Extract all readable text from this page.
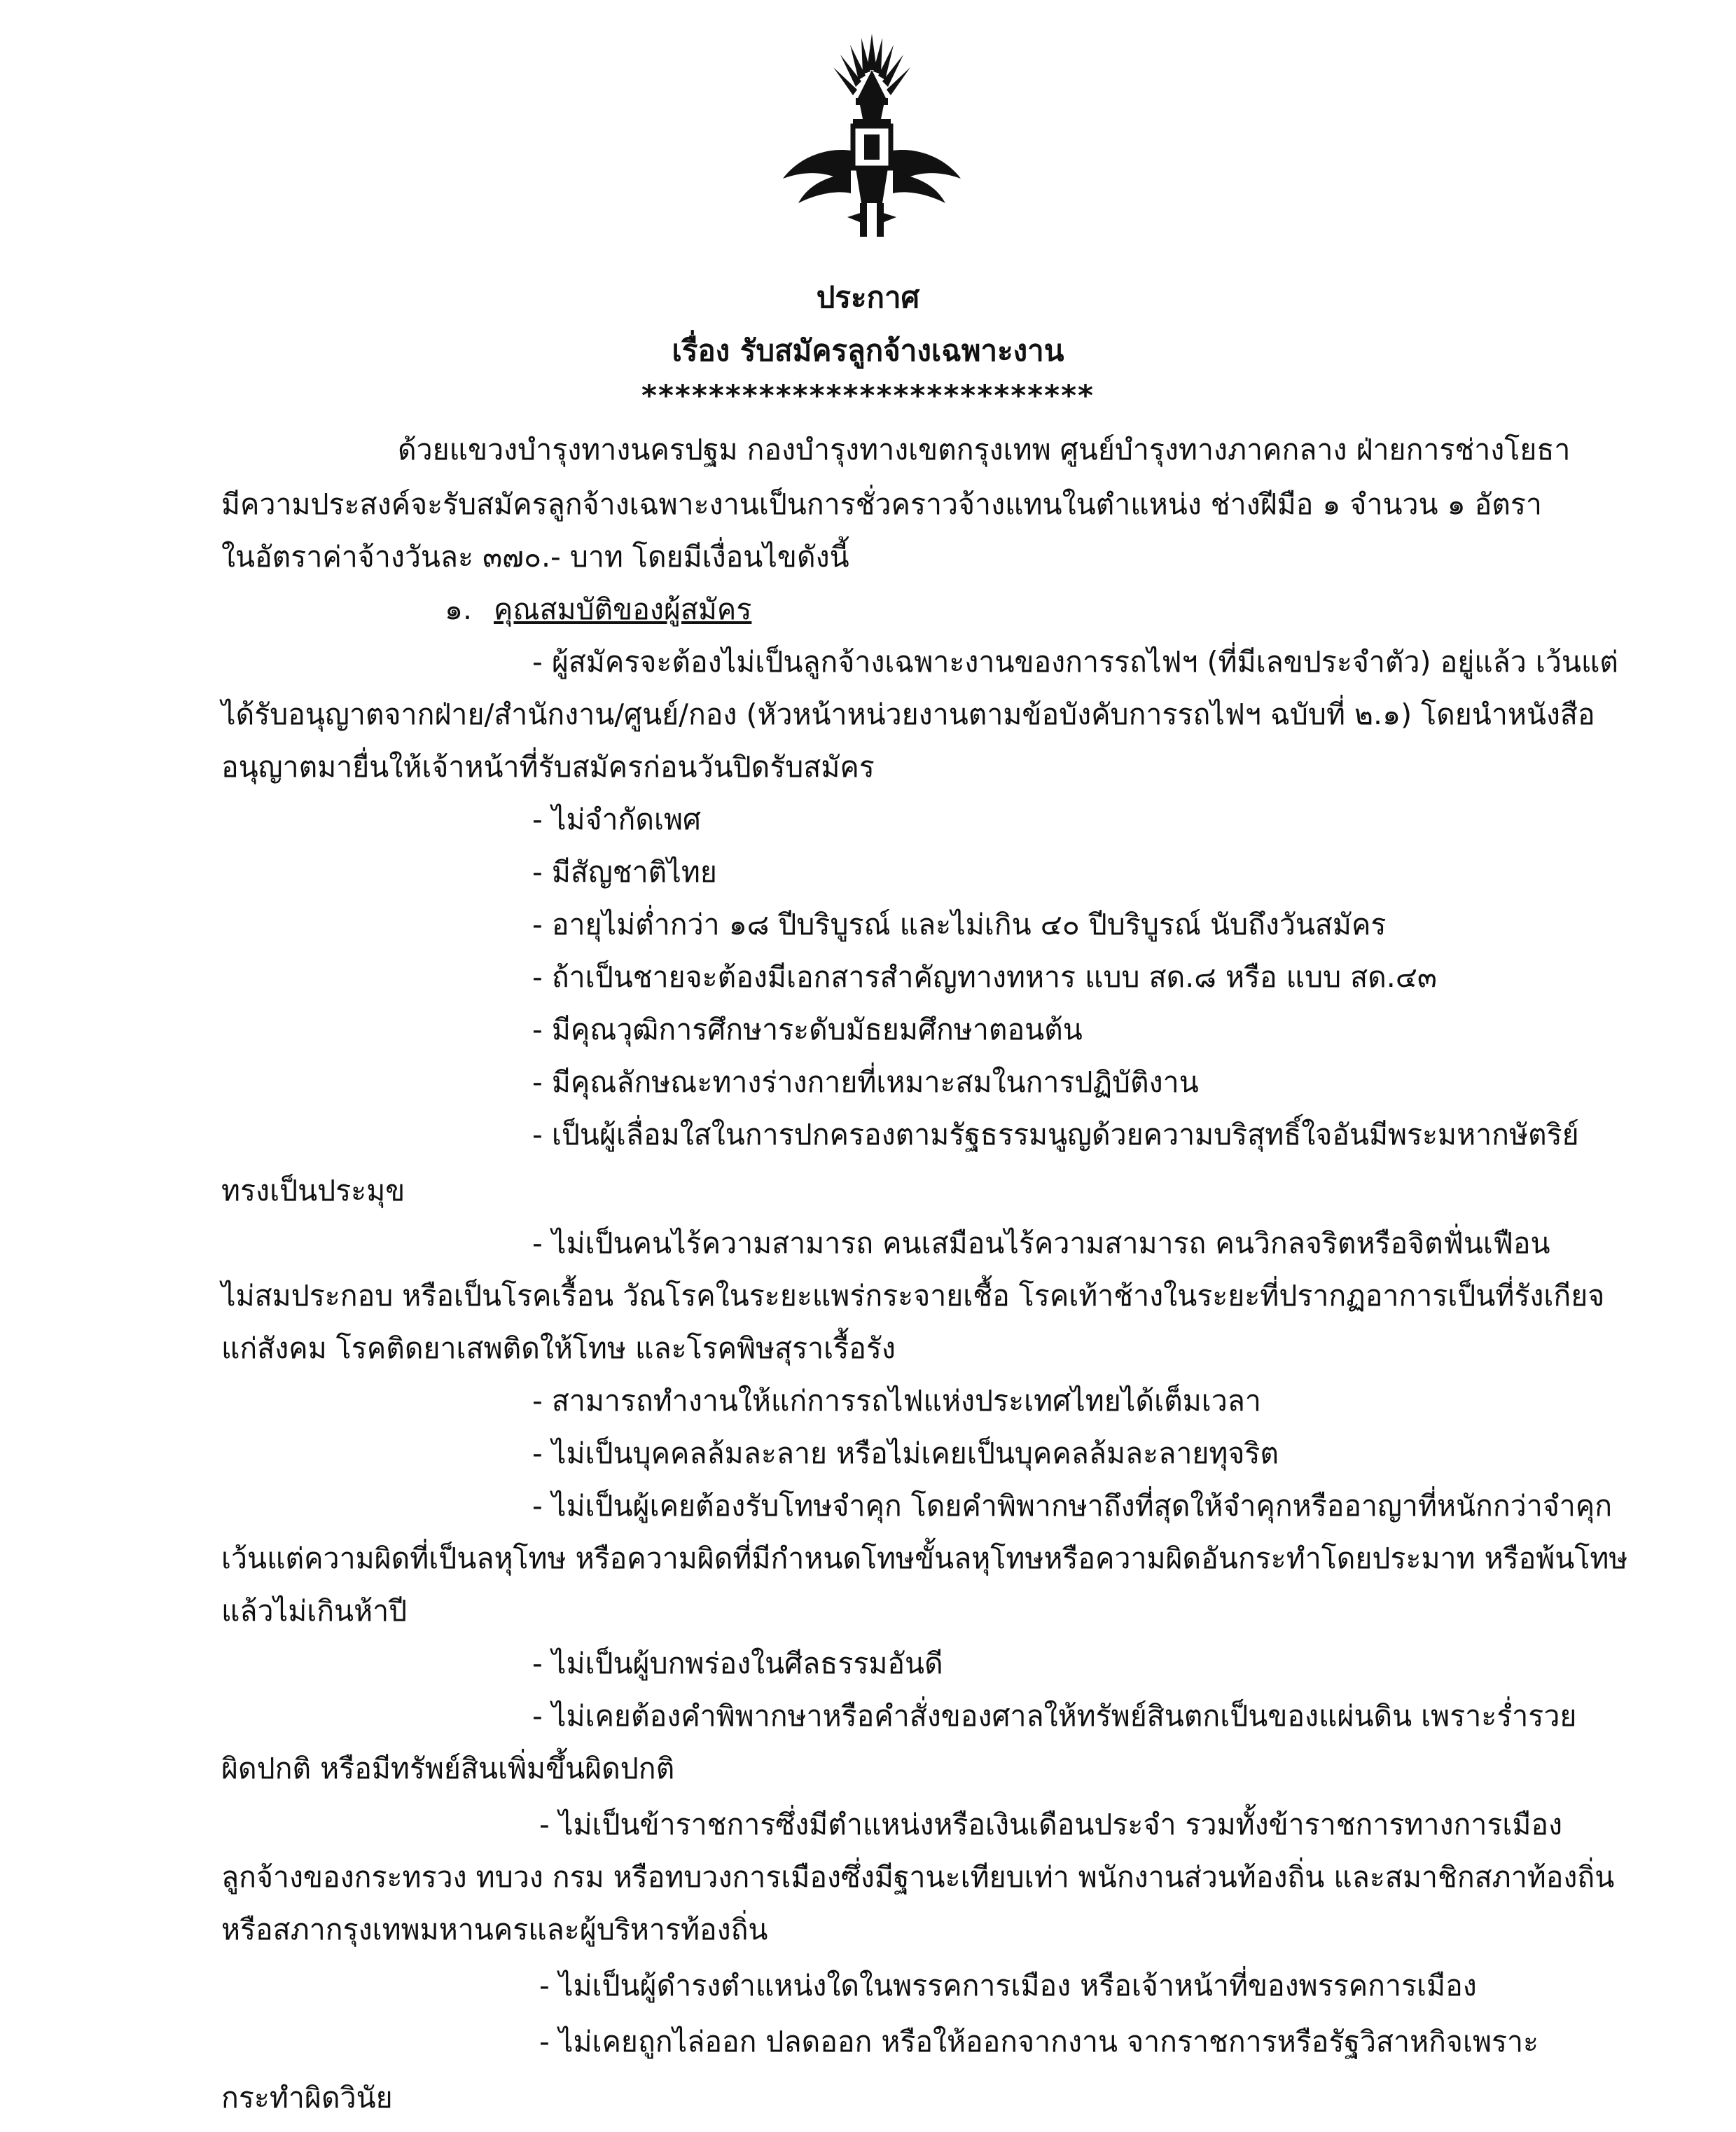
ประกาศ
เรื่อง รับสมัครลูกจ้างเฉพาะงาน
***************************
ด้วยแขวงบำรุงทางนครปฐม กองบำรุงทางเขตกรุงเทพ ศูนย์บำรุงทางภาคกลาง ฝ่ายการช่างโยธา
มีความประสงค์จะรับสมัครลูกจ้างเฉพาะงานเป็นการชั่วคราวจ้างแทนในตำแหน่ง ช่างฝีมือ ๑ จำนวน ๑ อัตรา
ในอัตราค่าจ้างวันละ ๓๗๐.- บาท โดยมีเงื่อนไขดังนี้
๑. คุณสมบัติของผู้สมัคร
- ผู้สมัครจะต้องไม่เป็นลูกจ้างเฉพาะงานของการรถไฟฯ (ที่มีเลขประจำตัว) อยู่แล้ว เว้นแต่
ได้รับอนุญาตจากฝ่าย/สำนักงาน/ศูนย์/กอง (หัวหน้าหน่วยงานตามข้อบังคับการรถไฟฯ ฉบับที่ ๒.๑) โดยนำหนังสือ
อนุญาตมายื่นให้เจ้าหน้าที่รับสมัครก่อนวันปิดรับสมัคร
- ไม่จำกัดเพศ
- มีสัญชาติไทย
- อายุไม่ต่ำกว่า ๑๘ ปีบริบูรณ์ และไม่เกิน ๔๐ ปีบริบูรณ์ นับถึงวันสมัคร
- ถ้าเป็นชายจะต้องมีเอกสารสำคัญทางทหาร แบบ สด.๘ หรือ แบบ สด.๔๓
- มีคุณวุฒิการศึกษาระดับมัธยมศึกษาตอนต้น
- มีคุณลักษณะทางร่างกายที่เหมาะสมในการปฏิบัติงาน
- เป็นผู้เลื่อมใสในการปกครองตามรัฐธรรมนูญด้วยความบริสุทธิ์ใจอันมีพระมหากษัตริย์
ทรงเป็นประมุข
- ไม่เป็นคนไร้ความสามารถ คนเสมือนไร้ความสามารถ คนวิกลจริตหรือจิตฟั่นเฟือน
ไม่สมประกอบ หรือเป็นโรคเรื้อน วัณโรคในระยะแพร่กระจายเชื้อ โรคเท้าช้างในระยะที่ปรากฏอาการเป็นที่รังเกียจ
แก่สังคม โรคติดยาเสพติดให้โทษ และโรคพิษสุราเรื้อรัง
- สามารถทำงานให้แก่การรถไฟแห่งประเทศไทยได้เต็มเวลา
- ไม่เป็นบุคคลล้มละลาย หรือไม่เคยเป็นบุคคลล้มละลายทุจริต
- ไม่เป็นผู้เคยต้องรับโทษจำคุก โดยคำพิพากษาถึงที่สุดให้จำคุกหรืออาญาที่หนักกว่าจำคุก
เว้นแต่ความผิดที่เป็นลหุโทษ หรือความผิดที่มีกำหนดโทษขั้นลหุโทษหรือความผิดอันกระทำโดยประมาท หรือพ้นโทษ
แล้วไม่เกินห้าปี
- ไม่เป็นผู้บกพร่องในศีลธรรมอันดี
- ไม่เคยต้องคำพิพากษาหรือคำสั่งของศาลให้ทรัพย์สินตกเป็นของแผ่นดิน เพราะร่ำรวย
ผิดปกติ หรือมีทรัพย์สินเพิ่มขึ้นผิดปกติ
- ไม่เป็นข้าราชการซึ่งมีตำแหน่งหรือเงินเดือนประจำ รวมทั้งข้าราชการทางการเมือง
ลูกจ้างของกระทรวง ทบวง กรม หรือทบวงการเมืองซึ่งมีฐานะเทียบเท่า พนักงานส่วนท้องถิ่น และสมาชิกสภาท้องถิ่น
หรือสภากรุงเทพมหานครและผู้บริหารท้องถิ่น
- ไม่เป็นผู้ดำรงตำแหน่งใดในพรรคการเมือง หรือเจ้าหน้าที่ของพรรคการเมือง
- ไม่เคยถูกไล่ออก ปลดออก หรือให้ออกจากงาน จากราชการหรือรัฐวิสาหกิจเพราะ
กระทำผิดวินัย
